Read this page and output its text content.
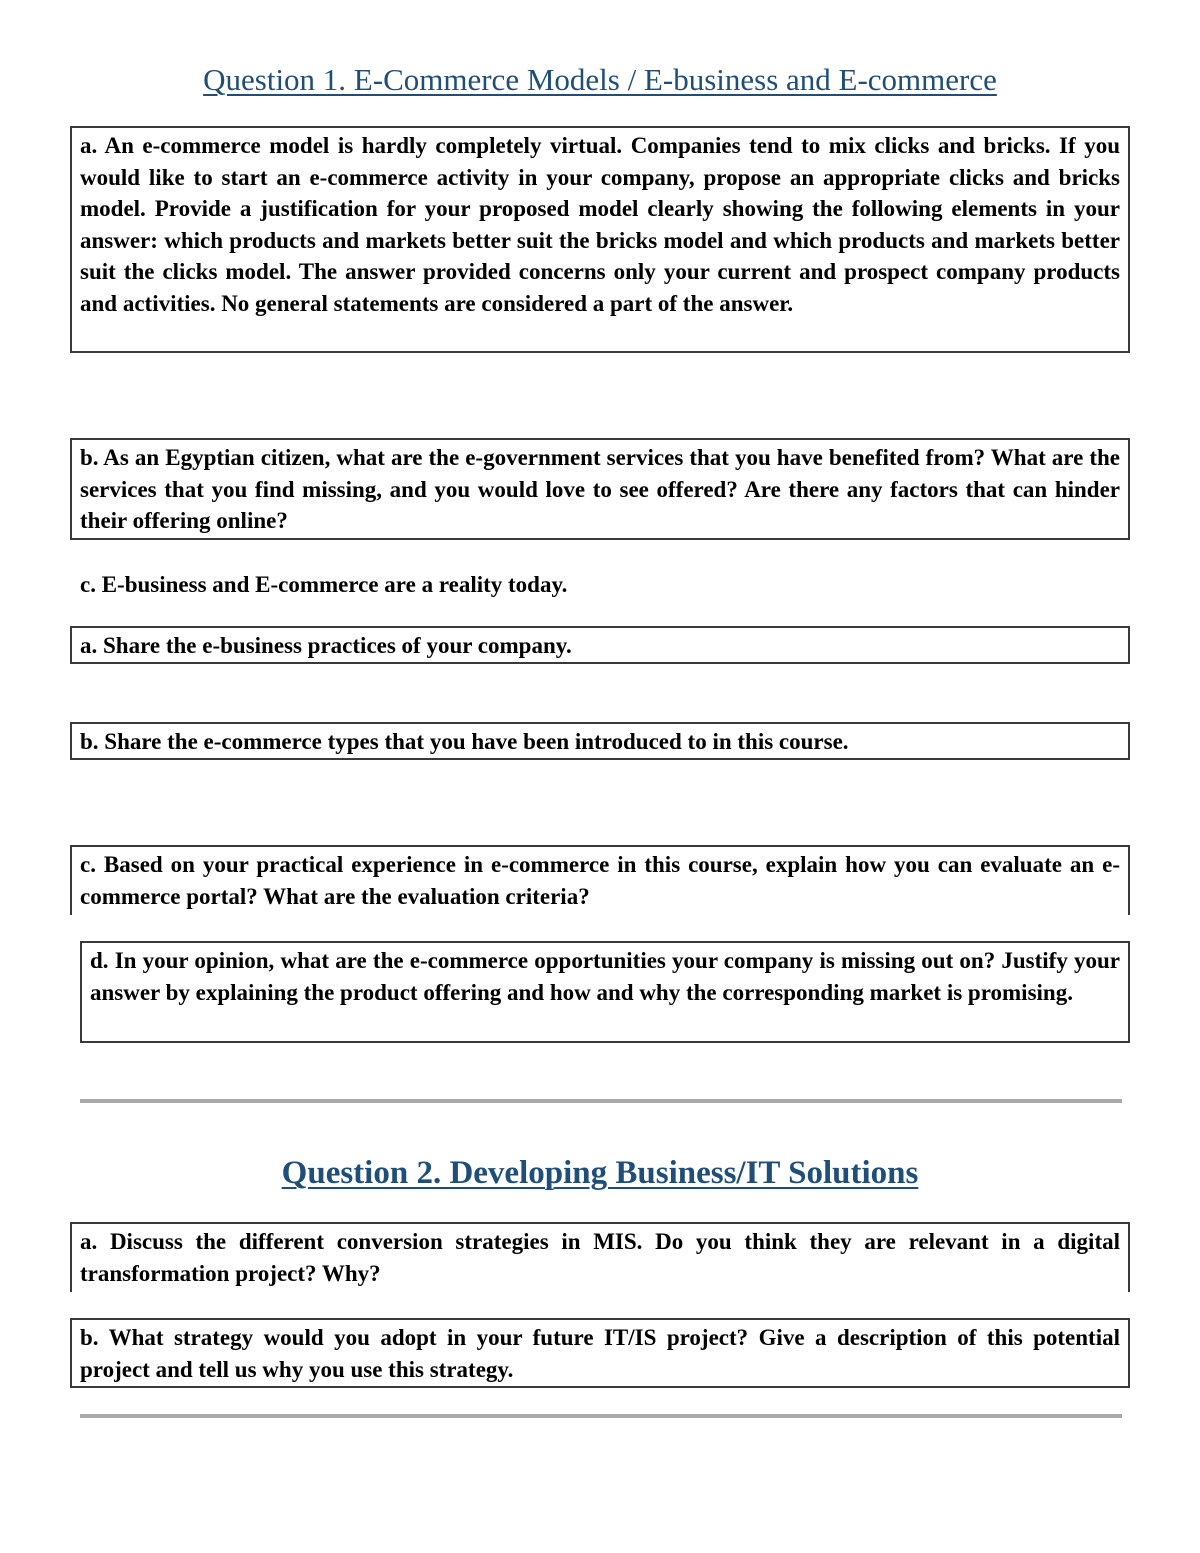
Question 1. E-Commerce Models / E-business and E-commerce
a. An e-commerce model is hardly completely virtual. Companies tend to mix clicks and bricks. If you would like to start an e-commerce activity in your company, propose an appropriate clicks and bricks model. Provide a justification for your proposed model clearly showing the following elements in your answer: which products and markets better suit the bricks model and which products and markets better suit the clicks model. The answer provided concerns only your current and prospect company products and activities. No general statements are considered a part of the answer.
b. As an Egyptian citizen, what are the e-government services that you have benefited from? What are the services that you find missing, and you would love to see offered? Are there any factors that can hinder their offering online?
c. E-business and E-commerce are a reality today.
a. Share the e-business practices of your company.
b. Share the e-commerce types that you have been introduced to in this course.
c. Based on your practical experience in e-commerce in this course, explain how you can evaluate an e-commerce portal? What are the evaluation criteria?
d. In your opinion, what are the e-commerce opportunities your company is missing out on? Justify your answer by explaining the product offering and how and why the corresponding market is promising.
Question 2. Developing Business/IT Solutions
a. Discuss the different conversion strategies in MIS. Do you think they are relevant in a digital transformation project? Why?
b. What strategy would you adopt in your future IT/IS project? Give a description of this potential project and tell us why you use this strategy.
